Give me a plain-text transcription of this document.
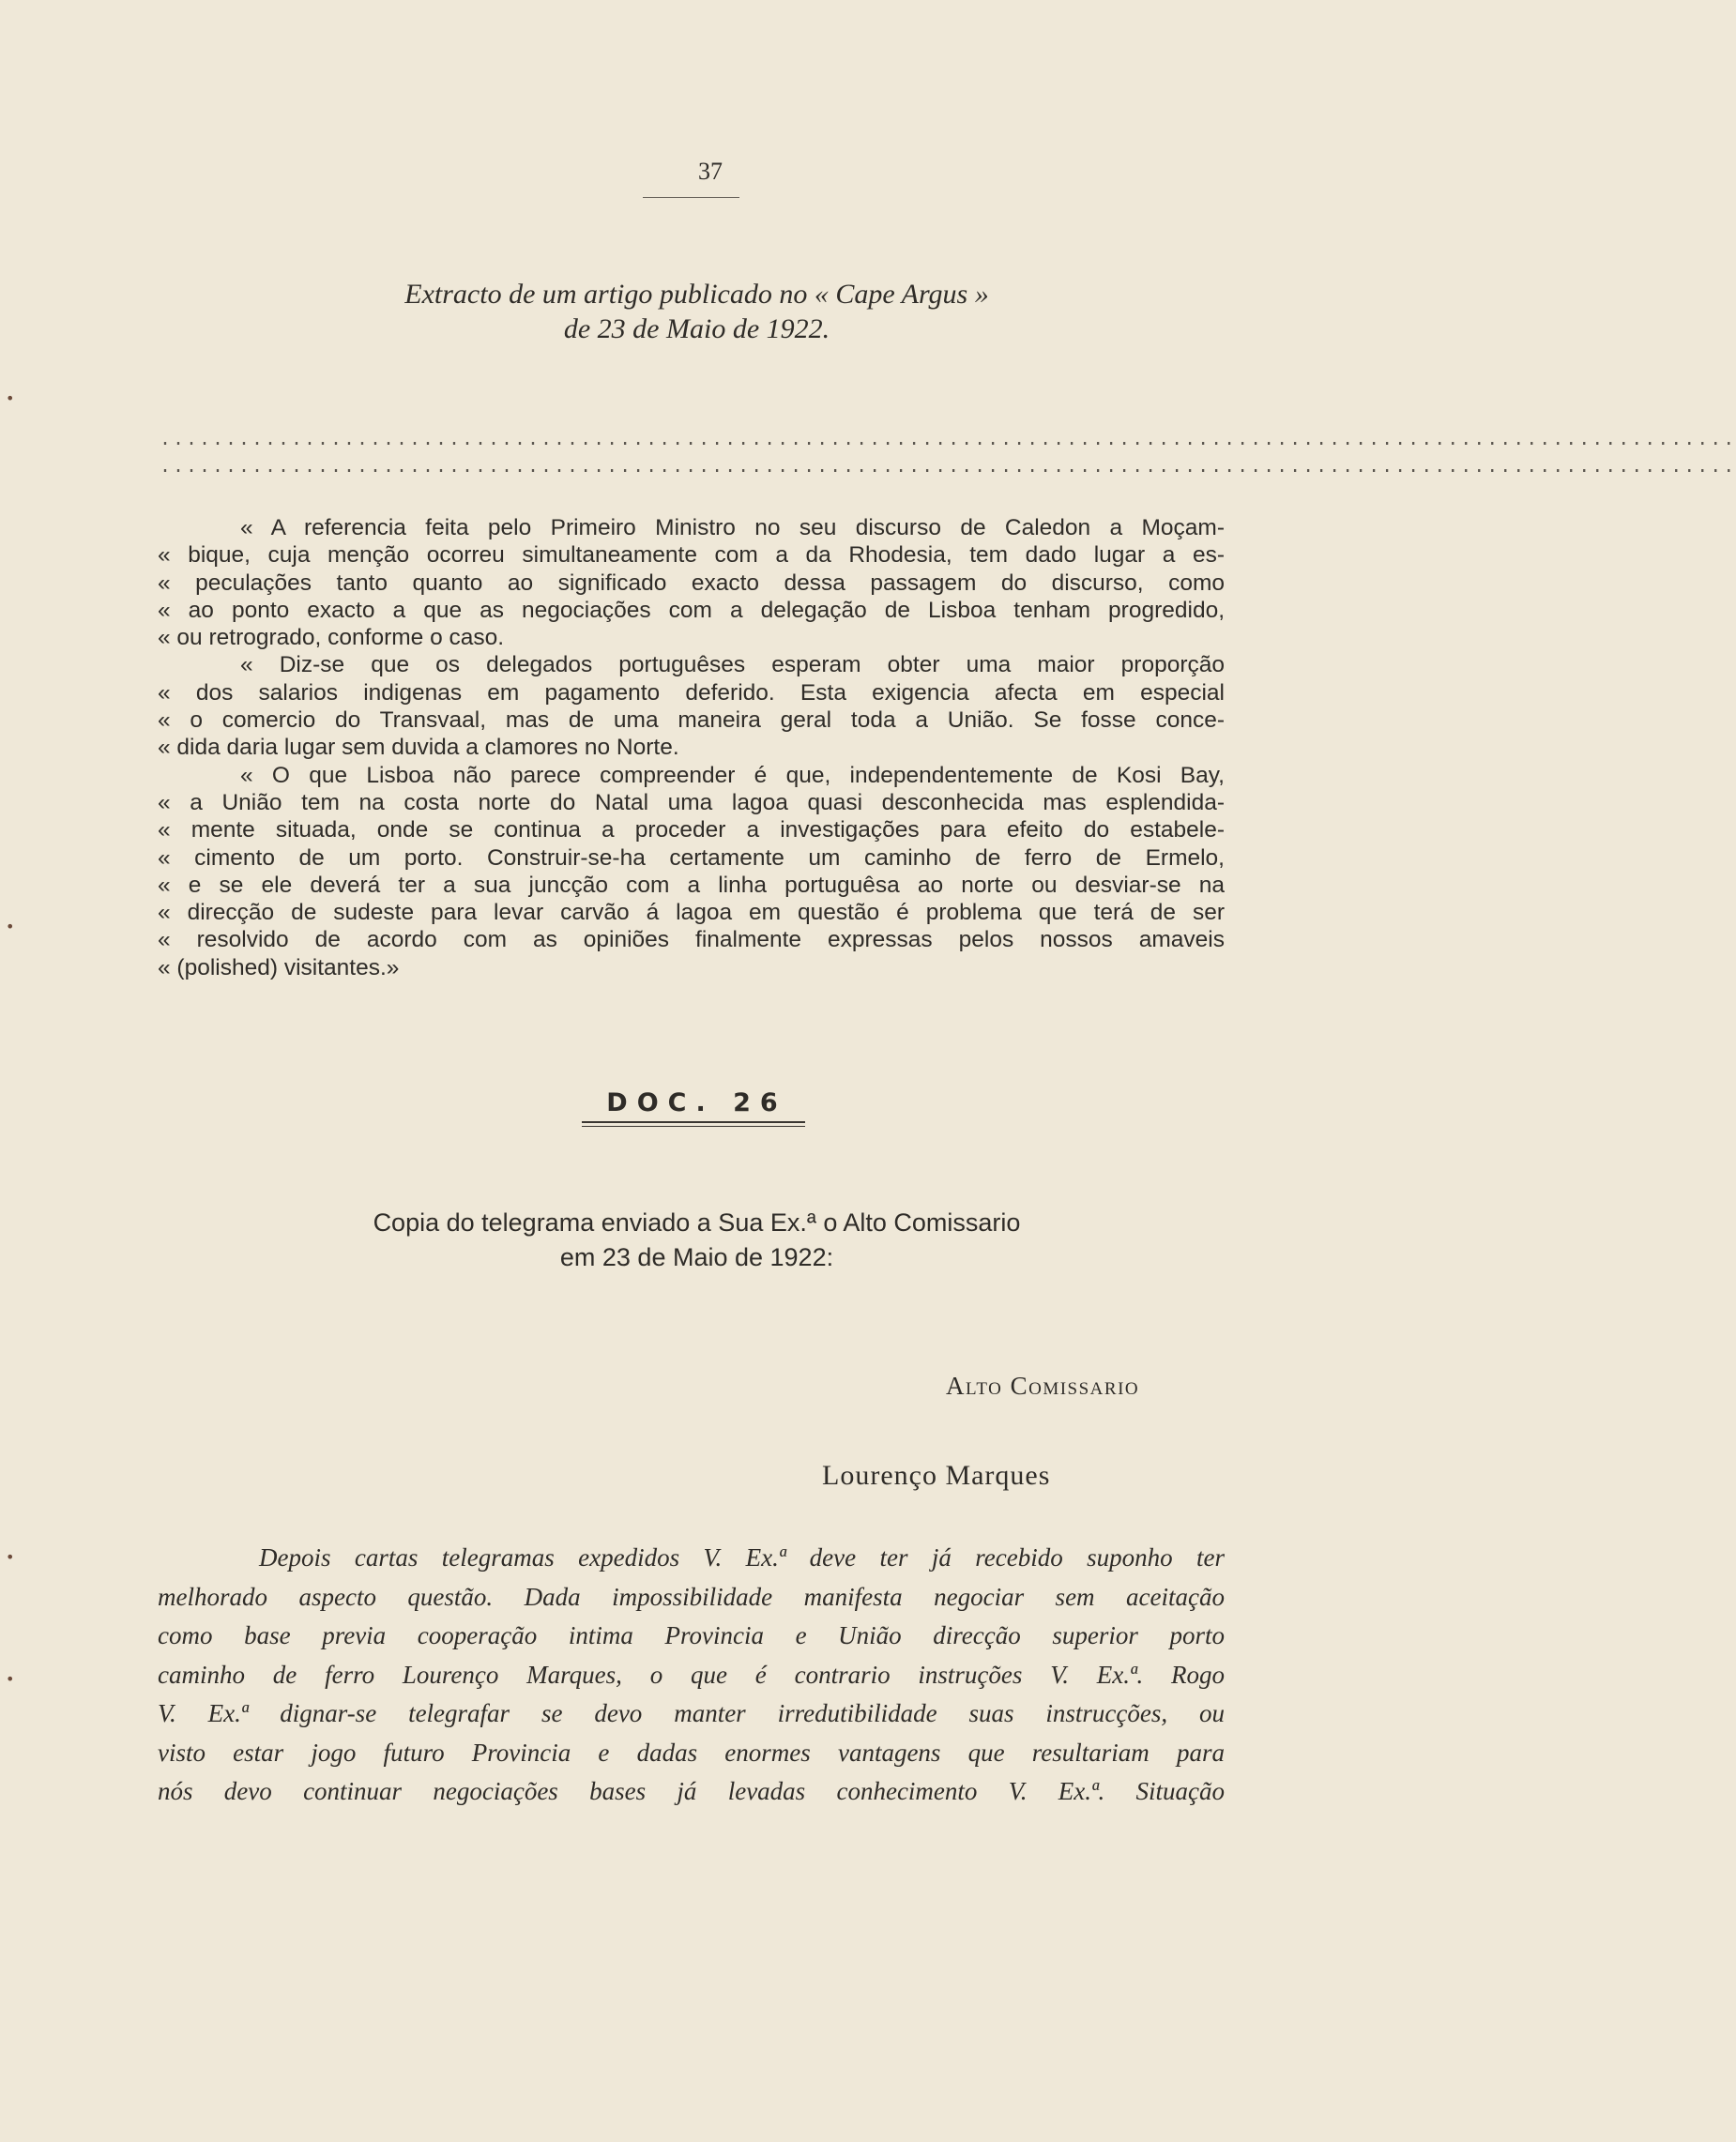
37
Extracto de um artigo publicado no « Cape Argus »
de 23 de Maio de 1922.
........................................................................................................................
........................................................................................................................
« A referencia feita pelo Primeiro Ministro no seu discurso de Caledon a Moçam-
« bique, cuja menção ocorreu simultaneamente com a da Rhodesia, tem dado lugar a es-
« peculações tanto quanto ao significado exacto dessa passagem do discurso, como
« ao ponto exacto a que as negociações com a delegação de Lisboa tenham progredido,
« ou retrogrado, conforme o caso.
« Diz-se que os delegados portuguêses esperam obter uma maior proporção
« dos salarios indigenas em pagamento deferido. Esta exigencia afecta em especial
« o comercio do Transvaal, mas de uma maneira geral toda a União. Se fosse conce-
« dida daria lugar sem duvida a clamores no Norte.
« O que Lisboa não parece compreender é que, independentemente de Kosi Bay,
« a União tem na costa norte do Natal uma lagoa quasi desconhecida mas esplendida-
« mente situada, onde se continua a proceder a investigações para efeito do estabele-
« cimento de um porto. Construir-se-ha certamente um caminho de ferro de Ermelo,
« e se ele deverá ter a sua juncção com a linha portuguêsa ao norte ou desviar-se na
« direcção de sudeste para levar carvão á lagoa em questão é problema que terá de ser
« resolvido de acordo com as opiniões finalmente expressas pelos nossos amaveis
« (polished) visitantes.»
DOC. 26
Copia do telegrama enviado a Sua Ex.ª o Alto Comissario
em 23 de Maio de 1922:
Alto Comissario
Lourenço Marques
Depois cartas telegramas expedidos V. Ex.ª deve ter já recebido suponho ter
melhorado aspecto questão. Dada impossibilidade manifesta negociar sem aceitação
como base previa cooperação intima Provincia e União direcção superior porto
caminho de ferro Lourenço Marques, o que é contrario instruções V. Ex.ª. Rogo
V. Ex.ª dignar-se telegrafar se devo manter irredutibilidade suas instrucções, ou
visto estar jogo futuro Provincia e dadas enormes vantagens que resultariam para
nós devo continuar negociações bases já levadas conhecimento V. Ex.ª. Situação
•
•
•
•
